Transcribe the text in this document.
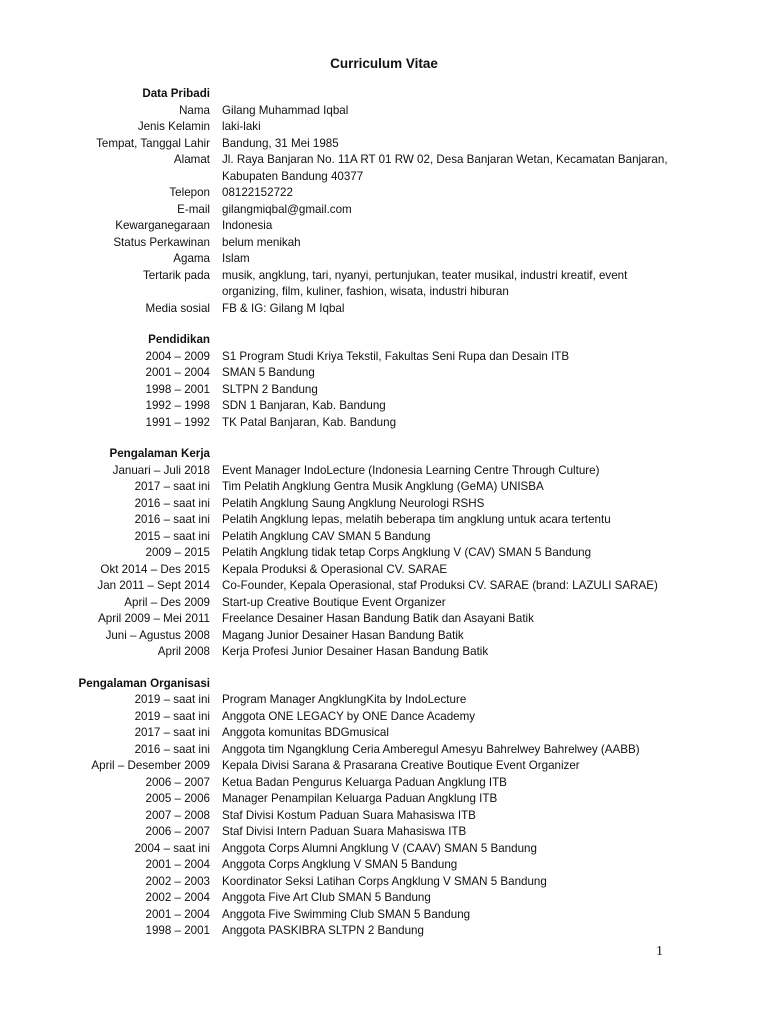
Curriculum Vitae
Data Pribadi
Nama Gilang Muhammad Iqbal
Jenis Kelamin laki-laki
Tempat, Tanggal Lahir Bandung, 31 Mei 1985
Alamat Jl. Raya Banjaran No. 11A RT 01 RW 02, Desa Banjaran Wetan, Kecamatan Banjaran, Kabupaten Bandung 40377
Telepon 08122152722
E-mail gilangmiqbal@gmail.com
Kewarganegaraan Indonesia
Status Perkawinan belum menikah
Agama Islam
Tertarik pada musik, angklung, tari, nyanyi, pertunjukan, teater musikal, industri kreatif, event organizing, film, kuliner, fashion, wisata, industri hiburan
Media sosial FB & IG: Gilang M Iqbal
Pendidikan
2004 – 2009 S1 Program Studi Kriya Tekstil, Fakultas Seni Rupa dan Desain ITB
2001 – 2004 SMAN 5 Bandung
1998 – 2001 SLTPN 2 Bandung
1992 – 1998 SDN 1 Banjaran, Kab. Bandung
1991 – 1992 TK Patal Banjaran, Kab. Bandung
Pengalaman Kerja
Januari – Juli 2018 Event Manager IndoLecture (Indonesia Learning Centre Through Culture)
2017 – saat ini Tim Pelatih Angklung Gentra Musik Angklung (GeMA) UNISBA
2016 – saat ini Pelatih Angklung Saung Angklung Neurologi RSHS
2016 – saat ini Pelatih Angklung lepas, melatih beberapa tim angklung untuk acara tertentu
2015 – saat ini Pelatih Angklung CAV SMAN 5 Bandung
2009 – 2015 Pelatih Angklung tidak tetap Corps Angklung V (CAV) SMAN 5 Bandung
Okt 2014 – Des 2015 Kepala Produksi & Operasional CV. SARAE
Jan 2011 – Sept 2014 Co-Founder, Kepala Operasional, staf Produksi CV. SARAE (brand: LAZULI SARAE)
April – Des 2009 Start-up Creative Boutique Event Organizer
April 2009 – Mei 2011 Freelance Desainer Hasan Bandung Batik dan Asayani Batik
Juni – Agustus 2008 Magang Junior Desainer Hasan Bandung Batik
April 2008 Kerja Profesi Junior Desainer Hasan Bandung Batik
Pengalaman Organisasi
2019 – saat ini Program Manager AngklungKita by IndoLecture
2019 – saat ini Anggota ONE LEGACY by ONE Dance Academy
2017 – saat ini Anggota komunitas BDGmusical
2016 – saat ini Anggota tim Ngangklung Ceria Amberegul Amesyu Bahrelwey Bahrelwey (AABB)
April – Desember 2009 Kepala Divisi Sarana & Prasarana Creative Boutique Event Organizer
2006 – 2007 Ketua Badan Pengurus Keluarga Paduan Angklung ITB
2005 – 2006 Manager Penampilan Keluarga Paduan Angklung ITB
2007 – 2008 Staf Divisi Kostum Paduan Suara Mahasiswa ITB
2006 – 2007 Staf Divisi Intern Paduan Suara Mahasiswa ITB
2004 – saat ini Anggota Corps Alumni Angklung V (CAAV) SMAN 5 Bandung
2001 – 2004 Anggota Corps Angklung V SMAN 5 Bandung
2002 – 2003 Koordinator Seksi Latihan Corps Angklung V SMAN 5 Bandung
2002 – 2004 Anggota Five Art Club SMAN 5 Bandung
2001 – 2004 Anggota Five Swimming Club SMAN 5 Bandung
1998 – 2001 Anggota PASKIBRA SLTPN 2 Bandung
1
